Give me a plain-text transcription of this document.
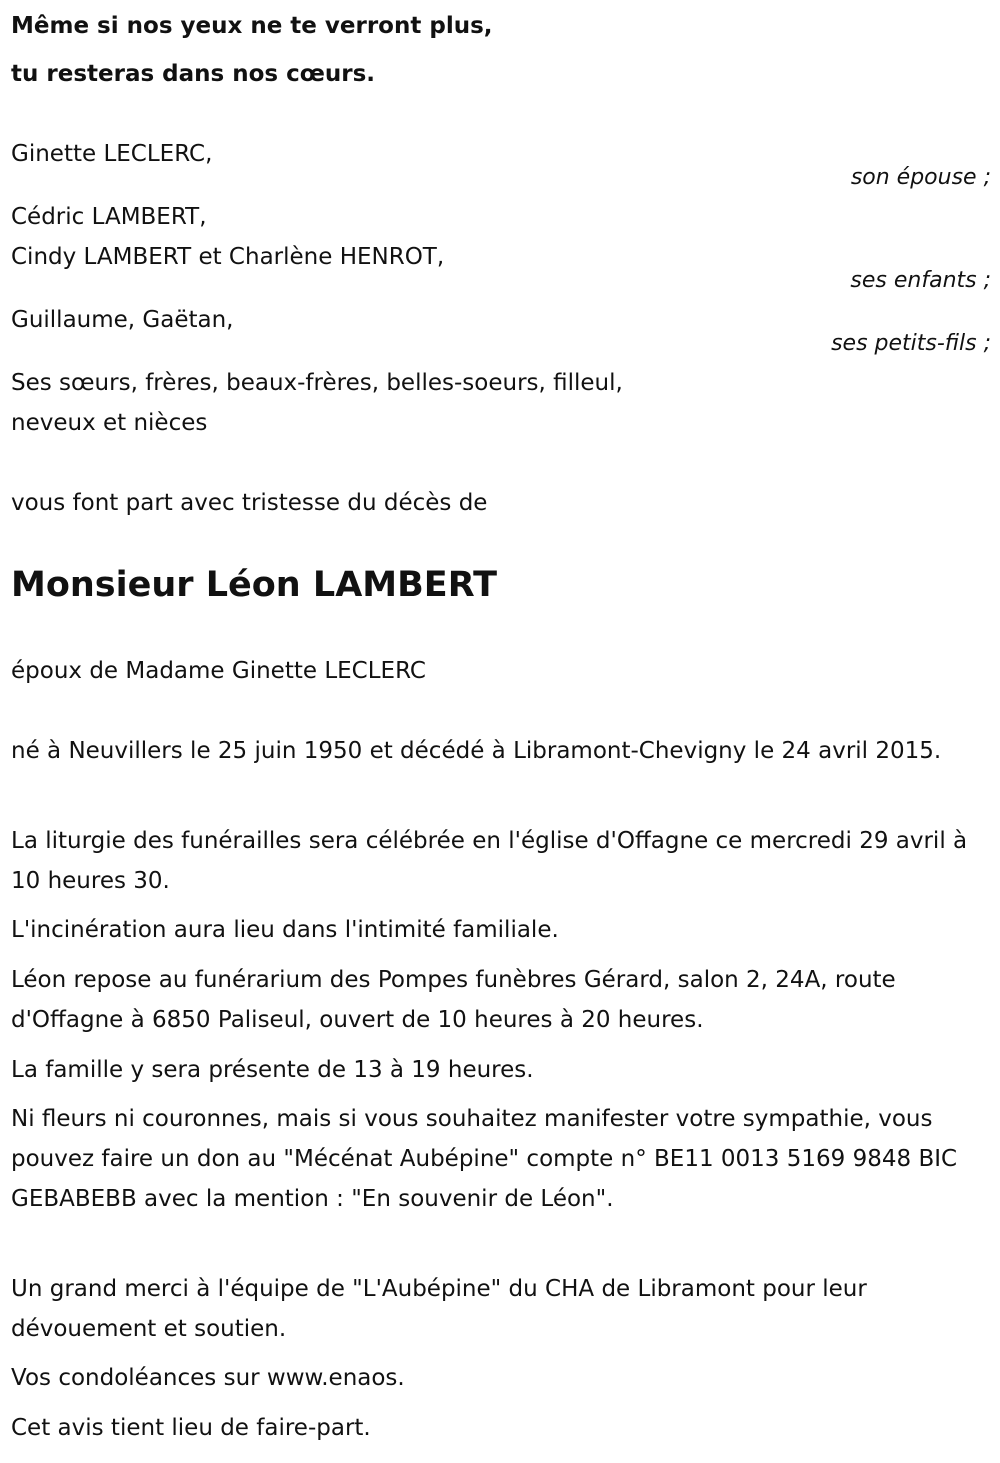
Même si nos yeux ne te verront plus,
tu resteras dans nos cœurs.
Ginette LECLERC,
son épouse ;
Cédric LAMBERT,
Cindy LAMBERT et Charlène HENROT,
ses enfants ;
Guillaume, Gaëtan,
ses petits-fils ;
Ses sœurs, frères, beaux-frères, belles-soeurs, filleul,
neveux et nièces
vous font part avec tristesse du décès de
Monsieur Léon LAMBERT
époux de Madame Ginette LECLERC
né à Neuvillers le 25 juin 1950 et décédé à Libramont-Chevigny le 24 avril 2015.
La liturgie des funérailles sera célébrée en l'église d'Offagne ce mercredi 29 avril à 10 heures 30.
L'incinération aura lieu dans l'intimité familiale.
Léon repose au funérarium des Pompes funèbres Gérard, salon 2, 24A, route d'Offagne à 6850 Paliseul, ouvert de 10 heures à 20 heures.
La famille y sera présente de 13 à 19 heures.
Ni fleurs ni couronnes, mais si vous souhaitez manifester votre sympathie, vous pouvez faire un don au "Mécénat Aubépine" compte n° BE11 0013 5169 9848 BIC GEBABEBB avec la mention : "En souvenir de Léon".
Un grand merci à l'équipe de "L'Aubépine" du CHA de Libramont pour leur dévouement et soutien.
Vos condoléances sur www.enaos.
Cet avis tient lieu de faire-part.
